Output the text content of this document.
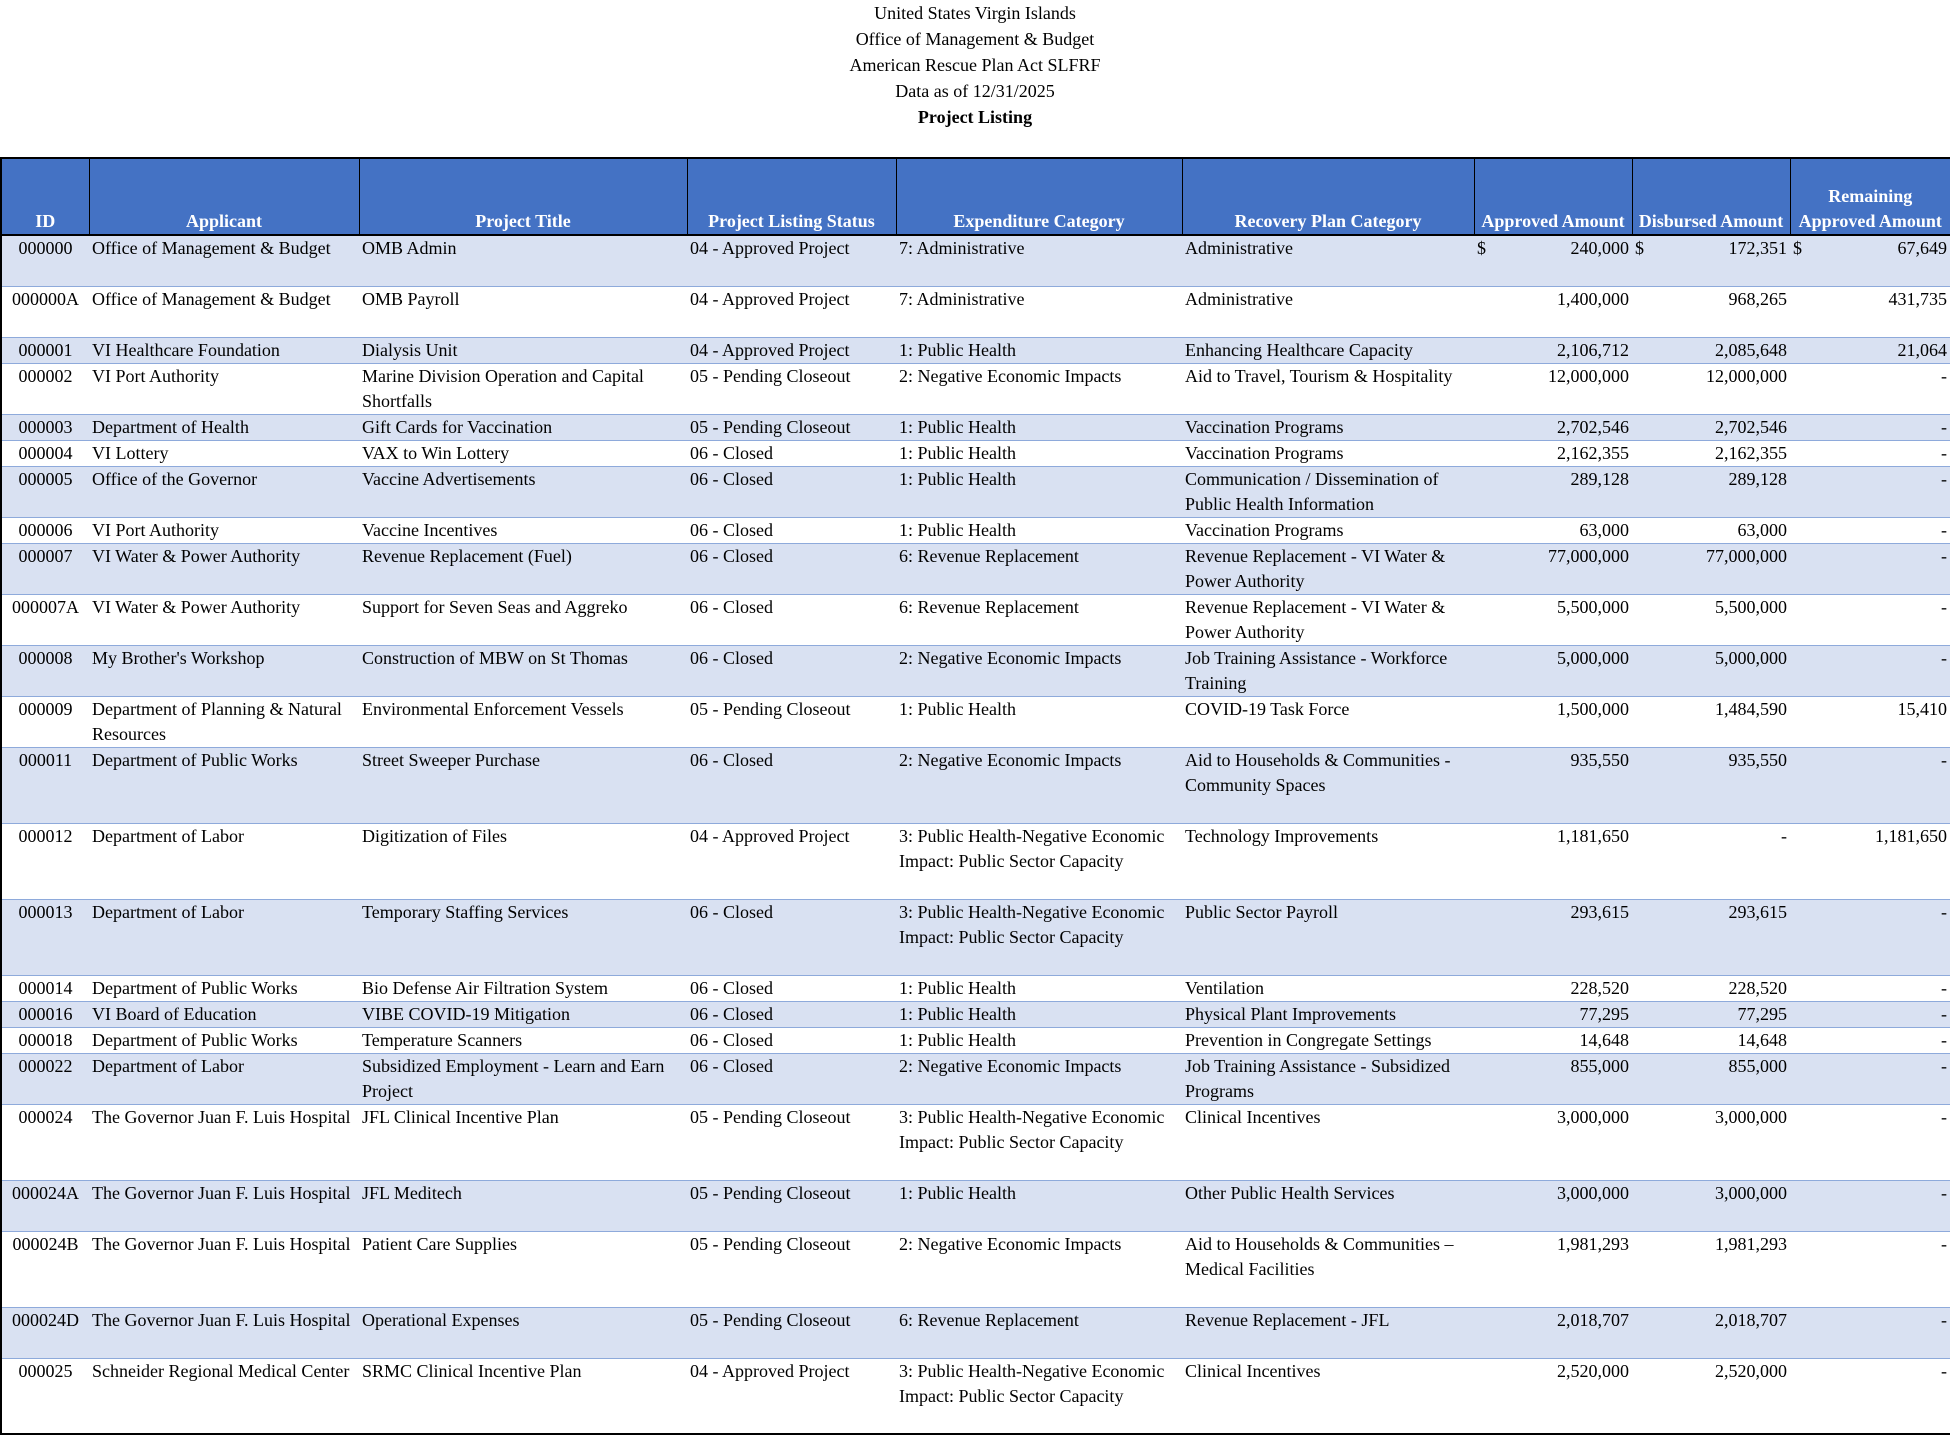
United States Virgin Islands
Office of Management & Budget
American Rescue Plan Act SLFRF
Data as of 12/31/2025
Project Listing
ID	Applicant	Project Title	Project Listing Status	Expenditure Category	Recovery Plan Category	Approved Amount	Disbursed Amount	Remaining Approved Amount
000000	Office of Management & Budget	OMB Admin	04 - Approved Project	7: Administrative	Administrative	$ 240,000	$ 172,351	$ 67,649
000000A	Office of Management & Budget	OMB Payroll	04 - Approved Project	7: Administrative	Administrative	1,400,000	968,265	431,735
000001	VI Healthcare Foundation	Dialysis Unit	04 - Approved Project	1: Public Health	Enhancing Healthcare Capacity	2,106,712	2,085,648	21,064
000002	VI Port Authority	Marine Division Operation and Capital Shortfalls	05 - Pending Closeout	2: Negative Economic Impacts	Aid to Travel, Tourism & Hospitality	12,000,000	12,000,000	-
000003	Department of Health	Gift Cards for Vaccination	05 - Pending Closeout	1: Public Health	Vaccination Programs	2,702,546	2,702,546	-
000004	VI Lottery	VAX to Win Lottery	06 - Closed	1: Public Health	Vaccination Programs	2,162,355	2,162,355	-
000005	Office of the Governor	Vaccine Advertisements	06 - Closed	1: Public Health	Communication / Dissemination of Public Health Information	289,128	289,128	-
000006	VI Port Authority	Vaccine Incentives	06 - Closed	1: Public Health	Vaccination Programs	63,000	63,000	-
000007	VI Water & Power Authority	Revenue Replacement (Fuel)	06 - Closed	6: Revenue Replacement	Revenue Replacement - VI Water & Power Authority	77,000,000	77,000,000	-
000007A	VI Water & Power Authority	Support for Seven Seas and Aggreko	06 - Closed	6: Revenue Replacement	Revenue Replacement - VI Water & Power Authority	5,500,000	5,500,000	-
000008	My Brother's Workshop	Construction of MBW on St Thomas	06 - Closed	2: Negative Economic Impacts	Job Training Assistance - Workforce Training	5,000,000	5,000,000	-
000009	Department of Planning & Natural Resources	Environmental Enforcement Vessels	05 - Pending Closeout	1: Public Health	COVID-19 Task Force	1,500,000	1,484,590	15,410
000011	Department of Public Works	Street Sweeper Purchase	06 - Closed	2: Negative Economic Impacts	Aid to Households & Communities - Community Spaces	935,550	935,550	-
000012	Department of Labor	Digitization of Files	04 - Approved Project	3: Public Health-Negative Economic Impact: Public Sector Capacity	Technology Improvements	1,181,650	-	1,181,650
000013	Department of Labor	Temporary Staffing Services	06 - Closed	3: Public Health-Negative Economic Impact: Public Sector Capacity	Public Sector Payroll	293,615	293,615	-
000014	Department of Public Works	Bio Defense Air Filtration System	06 - Closed	1: Public Health	Ventilation	228,520	228,520	-
000016	VI Board of Education	VIBE COVID-19 Mitigation	06 - Closed	1: Public Health	Physical Plant Improvements	77,295	77,295	-
000018	Department of Public Works	Temperature Scanners	06 - Closed	1: Public Health	Prevention in Congregate Settings	14,648	14,648	-
000022	Department of Labor	Subsidized Employment - Learn and Earn Project	06 - Closed	2: Negative Economic Impacts	Job Training Assistance - Subsidized Programs	855,000	855,000	-
000024	The Governor Juan F. Luis Hospital	JFL Clinical Incentive Plan	05 - Pending Closeout	3: Public Health-Negative Economic Impact: Public Sector Capacity	Clinical Incentives	3,000,000	3,000,000	-
000024A	The Governor Juan F. Luis Hospital	JFL Meditech	05 - Pending Closeout	1: Public Health	Other Public Health Services	3,000,000	3,000,000	-
000024B	The Governor Juan F. Luis Hospital	Patient Care Supplies	05 - Pending Closeout	2: Negative Economic Impacts	Aid to Households & Communities – Medical Facilities	1,981,293	1,981,293	-
000024D	The Governor Juan F. Luis Hospital	Operational Expenses	05 - Pending Closeout	6: Revenue Replacement	Revenue Replacement - JFL	2,018,707	2,018,707	-
000025	Schneider Regional Medical Center	SRMC Clinical Incentive Plan	04 - Approved Project	3: Public Health-Negative Economic Impact: Public Sector Capacity	Clinical Incentives	2,520,000	2,520,000	-
